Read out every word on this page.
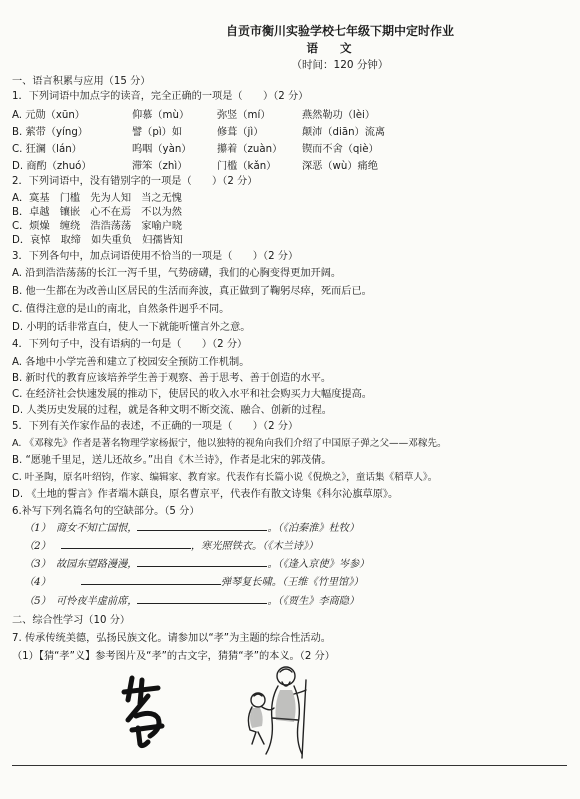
自贡市衡川实验学校七年级下期中定时作业
语文
（时间：120 分钟）
一、语言积累与应用（15 分）
1．下列词语中加点字的读音，完全正确的一项是（　　）（2 分）
A. 元勋（xūn）	仰慕（mù）	弥竖（mí）	燕然勒功（lèi）
B. 萦带（yíng）	譬（pì）如	修葺（jì）	颠沛（diān）流离
C. 狂澜（lán）	呜咽（yàn）	攥着（zuàn） 锲而不舍（qiè）
D. 商酌（zhuó）	滞笨（zhì）	门槛（kǎn）	深恶（wù）痛绝
2．下列词语中，没有错别字的一项是（　　）（2 分）
A．寞基　门槛　先为人知　当之无愧
B．卓越　镶嵌　心不在焉　不以为然
C．烦燥　缠绕　浩浩荡荡　家喻户晓
D．哀悼　取缔　如失重负　妇孺皆知
3．下列各句中，加点词语使用不恰当的一项是（　　）（2 分）
A. 沿到浩浩荡荡的长江一泻千里，气势磅礴，我们的心胸变得更加开阔。
B. 他一生都在为改善山区居民的生活而奔波，真正做到了鞠躬尽瘁，死而后已。
C. 值得注意的是山的南北，自然条件迥乎不同。
D. 小明的话非常直白，使人一下就能听懂言外之意。
4．下列句子中，没有语病的一句是（　　）（2 分）
A. 各地中小学完善和建立了校园安全预防工作机制。
B. 新时代的教育应该培养学生善于观察、善于思考、善于创造的水平。
C. 在经济社会快速发展的推动下，使居民的收入水平和社会购买力大幅度提高。
D. 人类历史发展的过程，就是各种文明不断交流、融合、创新的过程。
5．下列有关作家作品的表述，不正确的一项是（　　）（2 分）
A. 《邓稼先》作者是著名物理学家杨振宁，他以独特的视角向我们介绍了中国原子弹之父——邓稼先。
B. “愿驰千里足，送儿还故乡。”出自《木兰诗》，作者是北宋的郭茂倩。
C. 叶圣陶，原名叶绍钧，作家、编辑家、教育家。代表作有长篇小说《倪焕之》，童话集《稻草人》。
D. 《土地的誓言》作者端木蕻良，原名曹京平，代表作有散文诗集《科尔沁旗草原》。
6.补写下列名篇名句的空缺部分。（5 分）
（1）　商女不知亡国恨，	。（《泊秦淮》杜牧）
（2）	，寒光照铁衣。（《木兰诗》）
（3）　故园东望路漫漫，	。（《逢入京使》岑参）
（4）	弹琴复长啸。（王维《竹里馆》）
（5）　可怜夜半虚前席，	。（《贾生》李商隐）
二、综合性学习（10 分）
7. 传承传统美德，弘扬民族文化。请参加以“孝”为主题的综合性活动。
（1）【猜“孝”义】参考图片及“孝”的古文字，猜猜“孝”的本义。（2 分）
